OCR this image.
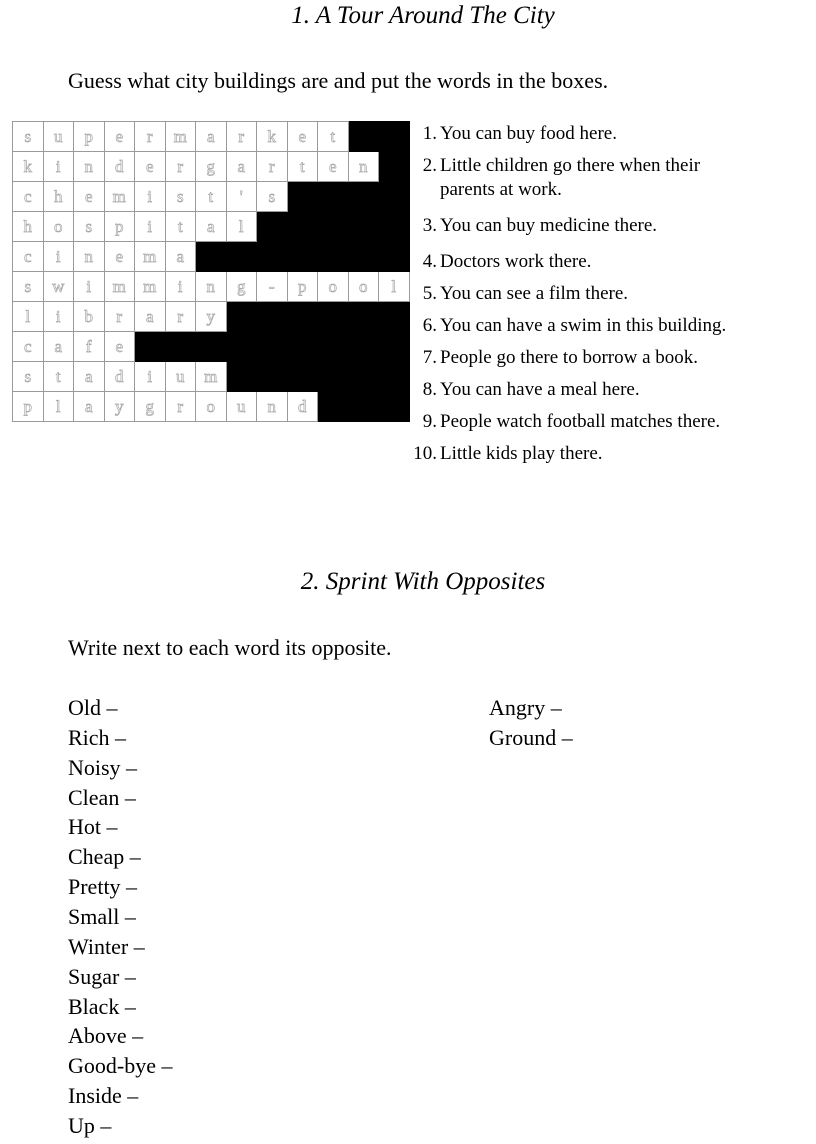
1. A Tour Around The City

Guess what city buildings are and put the words in the boxes.

s	u	p	e	r	m	a	r	k	e	t		
k	i	n	d	e	r	g	a	r	t	e	n	
c	h	e	m	i	s	t	'	s				
h	o	s	p	i	t	a	l					
c	i	n	e	m	a							
s	w	i	m	m	i	n	g	-	p	o	o	l
l	i	b	r	a	r	y						
c	a	f	e									
s	t	a	d	i	u	m						
p	l	a	y	g	r	o	u	n	d			
1. You can buy food here.
2. Little children go there when their
parents at work.
3. You can buy medicine there.
4. Doctors work there.
5. You can see a film there.
6. You can have a swim in this building.
7. People go there to borrow a book.
8. You can have a meal here.
9. People watch football matches there.
10. Little kids play there.
2. Sprint With Opposites

Write next to each word its opposite.

Old –
Rich –
Noisy –
Clean –
Hot –
Cheap –
Pretty –
Small –
Winter –
Sugar –
Black –
Above –
Good-bye –
Inside –
Up –
Angry –
Ground –
